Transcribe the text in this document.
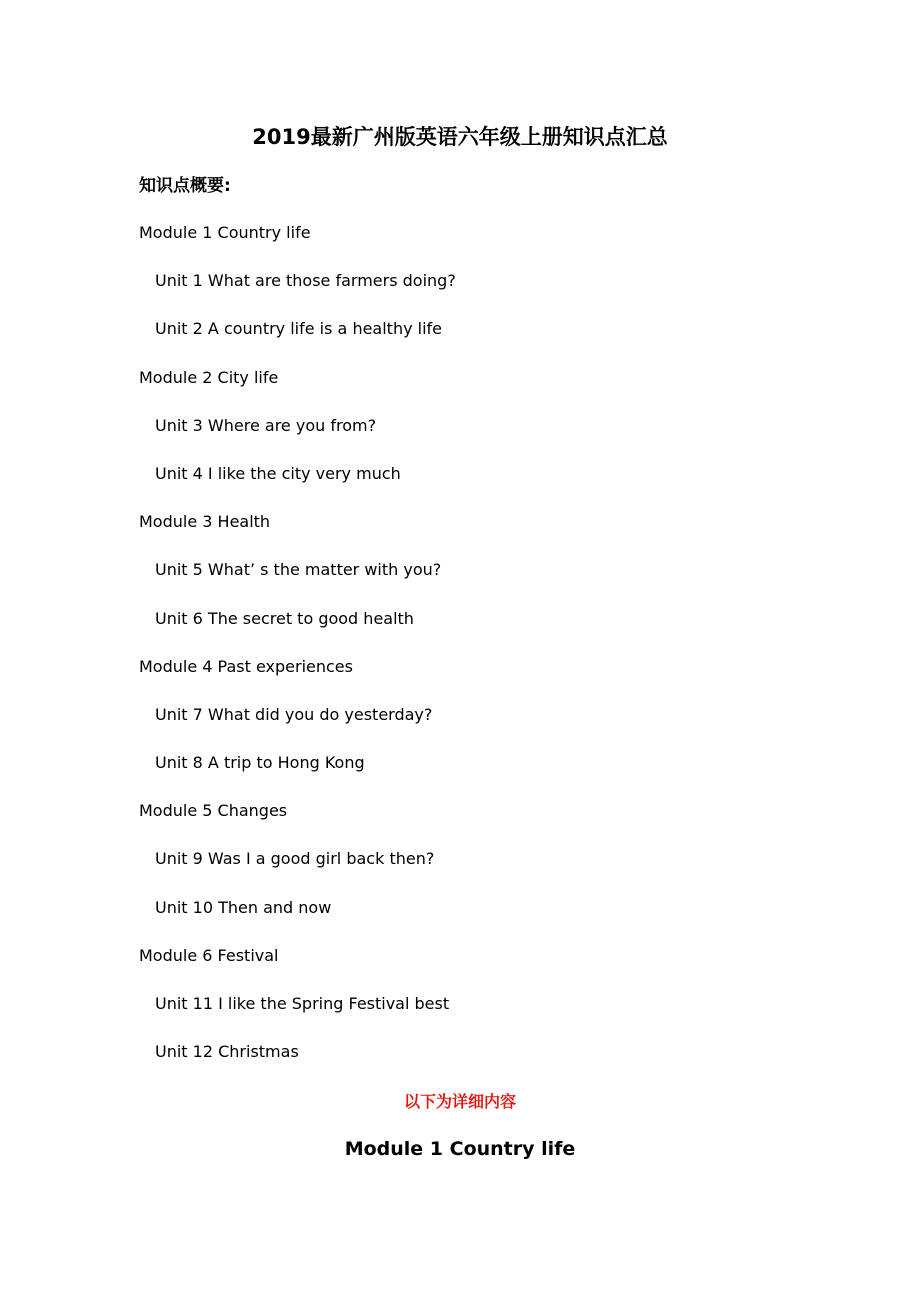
2019最新广州版英语六年级上册知识点汇总
知识点概要:
Module 1 Country life
Unit 1 What are those farmers doing?
Unit 2 A country life is a healthy life
Module 2 City life
Unit 3 Where are you from?
Unit 4 I like the city very much
Module 3 Health
Unit 5 What’ s the matter with you?
Unit 6 The secret to good health
Module 4 Past experiences
Unit 7 What did you do yesterday?
Unit 8 A trip to Hong Kong
Module 5 Changes
Unit 9 Was I a good girl back then?
Unit 10 Then and now
Module 6 Festival
Unit 11 I like the Spring Festival best
Unit 12 Christmas
以下为详细内容
Module 1 Country life
